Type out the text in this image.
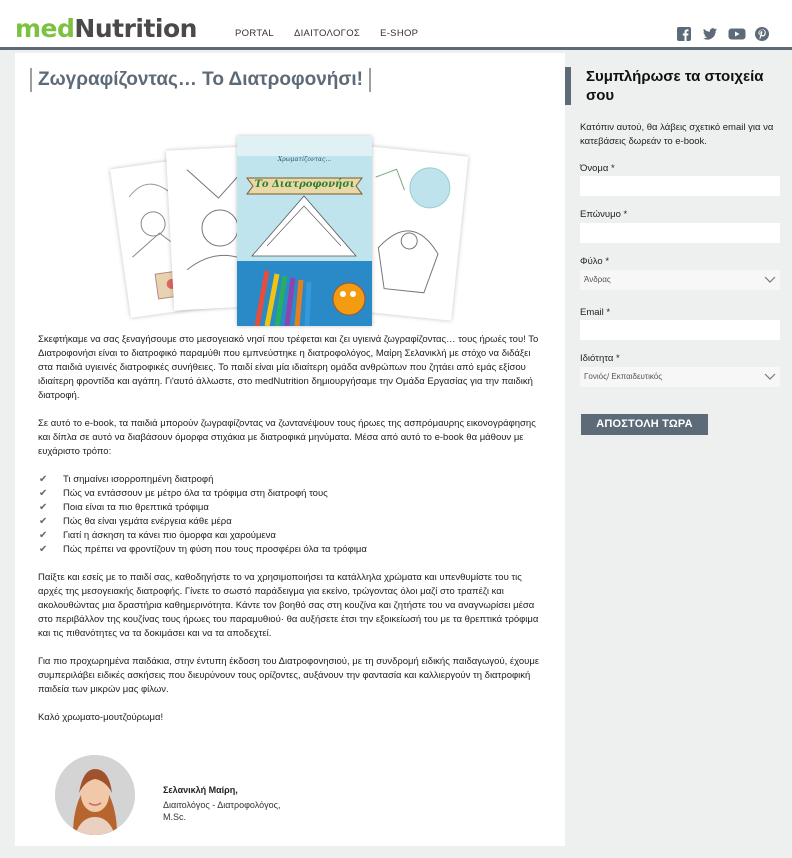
medNutrition	PORTAL ΔΙΑΙΤΟΛΟΓΟΣ E-SHOP
Ζωγραφίζοντας… Το Διατροφονήσι!
Χρωματίζοντας...
Το Διατροφονήσι

Σκεφτήκαμε να σας ξεναγήσουμε στο μεσογειακό νησί που τρέφεται και ζει υγιεινά ζωγραφίζοντας… τους ήρωές του! Το Διατροφονήσι είναι το διατροφικό παραμύθι που εμπνεύστηκε η διατροφολόγος, Μαίρη Σελανικλή με στόχο να διδάξει στα παιδιά υγιεινές διατροφικές συνήθειες. Το παιδί είναι μία ιδιαίτερη ομάδα ανθρώπων που ζητάει από εμάς εξίσου ιδιαίτερη φροντίδα και αγάπη. Γι'αυτό άλλωστε, στο medNutrition δημιουργήσαμε την Ομάδα Εργασίας για την παιδική διατροφή.

Σε αυτό το e-book, τα παιδιά μπορούν ζωγραφίζοντας να ζωντανέψουν τους ήρωες της ασπρόμαυρης εικονογράφησης και δίπλα σε αυτό να διαβάσουν όμορφα στιχάκια με διατροφικά μηνύματα. Μέσα από αυτό το e-book θα μάθουν με ευχάριστο τρόπο:

✔ Τι σημαίνει ισορροπημένη διατροφή
✔ Πώς να εντάσσουν με μέτρο όλα τα τρόφιμα στη διατροφή τους
✔ Ποια είναι τα πιο θρεπτικά τρόφιμα
✔ Πώς θα είναι γεμάτα ενέργεια κάθε μέρα
✔ Γιατί η άσκηση τα κάνει πιο όμορφα και χαρούμενα
✔ Πώς πρέπει να φροντίζουν τη φύση που τους προσφέρει όλα τα τρόφιμα

Παίξτε και εσείς με το παιδί σας, καθοδηγήστε το να χρησιμοποιήσει τα κατάλληλα χρώματα και υπενθυμίστε του τις αρχές της μεσογειακής διατροφής. Γίνετε το σωστό παράδειγμα για εκείνο, τρώγοντας όλοι μαζί στο τραπέζι και ακολουθώντας μια δραστήρια καθημερινότητα. Κάντε τον βοηθό σας στη κουζίνα και ζητήστε του να αναγνωρίσει μέσα στο περιβάλλον της κουζίνας τους ήρωες του παραμυθιού· θα αυξήσετε έτσι την εξοικείωσή του με τα θρεπτικά τρόφιμα και τις πιθανότητες να τα δοκιμάσει και να τα αποδεχτεί.

Για πιο προχωρημένα παιδάκια, στην έντυπη έκδοση του Διατροφονησιού, με τη συνδρομή ειδικής παιδαγωγού, έχουμε συμπεριλάβει ειδικές ασκήσεις που διευρύνουν τους ορίζοντες, αυξάνουν την φαντασία και καλλιεργούν τη διατροφική παιδεία των μικρών μας φίλων.

Καλό χρωματο-μουτζούρωμα!

Σελανικλή Μαίρη,
Διαιτολόγος - Διατροφολόγος, M.Sc.
Συμπλήρωσε τα στοιχεία σου
Κατόπιν αυτού, θα λάβεις σχετικό email για να κατεβάσεις δωρεάν το e-book.
Όνομα *
Επώνυμο *
Φύλο *
Άνδρας
Email *
Ιδιότητα *
Γονιός/ Εκπαιδευτικός
ΑΠΟΣΤΟΛΗ ΤΩΡΑ
